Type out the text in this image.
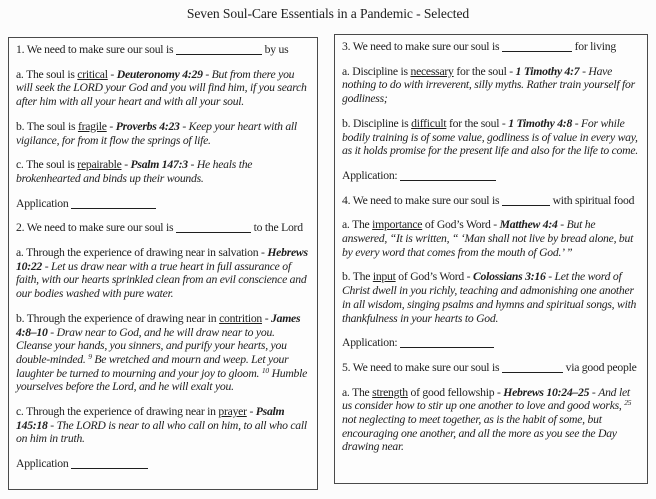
Seven Soul-Care Essentials in a Pandemic - Selected

1. We need to make sure our soul is	by us

a. The soul is critical - Deuteronomy 4:29 - But from there you will seek the LORD your God and you will find him, if you search after him with all your heart and with all your soul.

b. The soul is fragile - Proverbs 4:23 - Keep your heart with all vigilance, for from it flow the springs of life.

c. The soul is repairable - Psalm 147:3 - He heals the brokenhearted and binds up their wounds.

Application

2. We need to make sure our soul is	to the Lord

a. Through the experience of drawing near in salvation - Hebrews 10:22 - Let us draw near with a true heart in full assurance of faith, with our hearts sprinkled clean from an evil conscience and our bodies washed with pure water.

b. Through the experience of drawing near in contrition - James 4:8–10 - Draw near to God, and he will draw near to you. Cleanse your hands, you sinners, and purify your hearts, you double-minded. $^9$ Be wretched and mourn and weep. Let your laughter be turned to mourning and your joy to gloom. $^{10}$ Humble yourselves before the Lord, and he will exalt you.

c. Through the experience of drawing near in prayer - Psalm 145:18 - The LORD is near to all who call on him, to all who call on him in truth.

Application

3. We need to make sure our soul is	for living

a. Discipline is necessary for the soul - 1 Timothy 4:7 - Have nothing to do with irreverent, silly myths. Rather train yourself for godliness;

b. Discipline is difficult for the soul - 1 Timothy 4:8 - For while bodily training is of some value, godliness is of value in every way, as it holds promise for the present life and also for the life to come.

Application:

4. We need to make sure our soul is	with spiritual food

a. The importance of God’s Word - Matthew 4:4 - But he answered, “It is written, “ ‘Man shall not live by bread alone, but by every word that comes from the mouth of God.’ ”

b. The input of God’s Word - Colossians 3:16 - Let the word of Christ dwell in you richly, teaching and admonishing one another in all wisdom, singing psalms and hymns and spiritual songs, with thankfulness in your hearts to God.

Application:

5. We need to make sure our soul is	via good people

a. The strength of good fellowship - Hebrews 10:24–25 - And let us consider how to stir up one another to love and good works, $^{25}$ not neglecting to meet together, as is the habit of some, but encouraging one another, and all the more as you see the Day drawing near.
